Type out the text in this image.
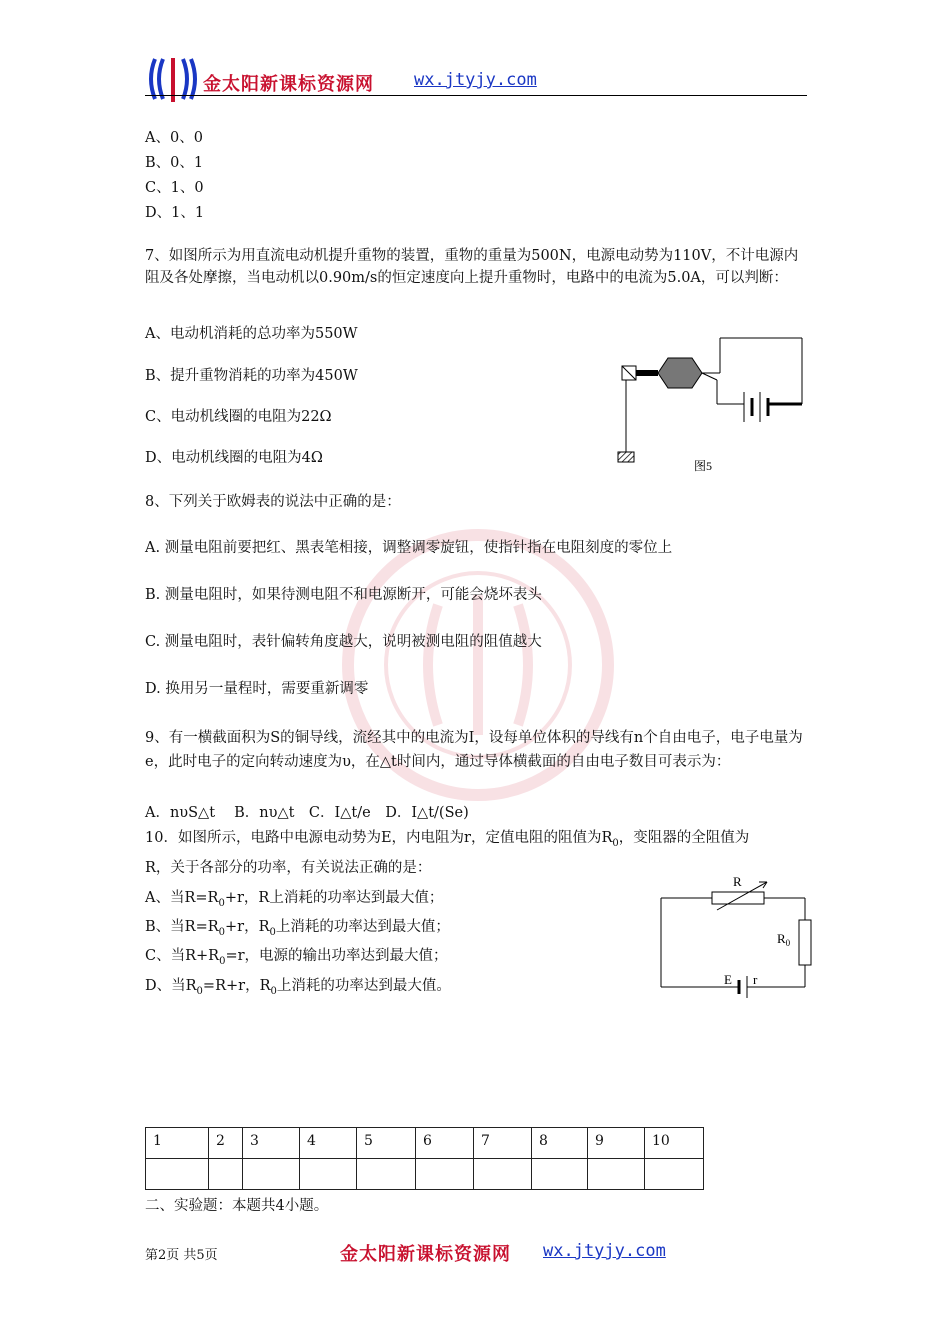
金太阳新课标资源网 wx.jtyjy.com
A、0、0
B、0、1
C、1、0
D、1、1
7、如图所示为用直流电动机提升重物的装置，重物的重量为500N，电源电动势为110V，不计电源内阻及各处摩擦，当电动机以0.90m/s的恒定速度向上提升重物时，电路中的电流为5.0A，可以判断：
A、电动机消耗的总功率为550W
B、提升重物消耗的功率为450W
C、电动机线圈的电阻为22Ω
D、电动机线圈的电阻为4Ω	图5
8、下列关于欧姆表的说法中正确的是：
A. 测量电阻前要把红、黑表笔相接，调整调零旋钮，使指针指在电阻刻度的零位上
B. 测量电阻时，如果待测电阻不和电源断开，可能会烧坏表头
C. 测量电阻时，表针偏转角度越大，说明被测电阻的阻值越大
D. 换用另一量程时，需要重新调零
9、有一横截面积为S的铜导线，流经其中的电流为I，设每单位体积的导线有n个自由电子，电子电量为e，此时电子的定向转动速度为υ，在△t时间内，通过导体横截面的自由电子数目可表示为：
A．nυS△t　 B．nυ△t　C．I△t/e　D．I△t/(Se)
10．如图所示，电路中电源电动势为E，内电阻为r，定值电阻的阻值为$R_0$，变阻器的全阻值为
R，关于各部分的功率，有关说法正确的是：
A、当$R=R_0+r$，R上消耗的功率达到最大值；
B、当$R=R_0+r$，$R_0$上消耗的功率达到最大值；
C、当$R+R_0=r$，电源的输出功率达到最大值；
D、当$R_0=R+r$，$R_0$上消耗的功率达到最大值。
R
$R_0$
E r
1	2	3	4	5	6	7	8	9	10

二、实验题：本题共4小题。
第2页 共5页	金太阳新课标资源网 wx.jtyjy.com
